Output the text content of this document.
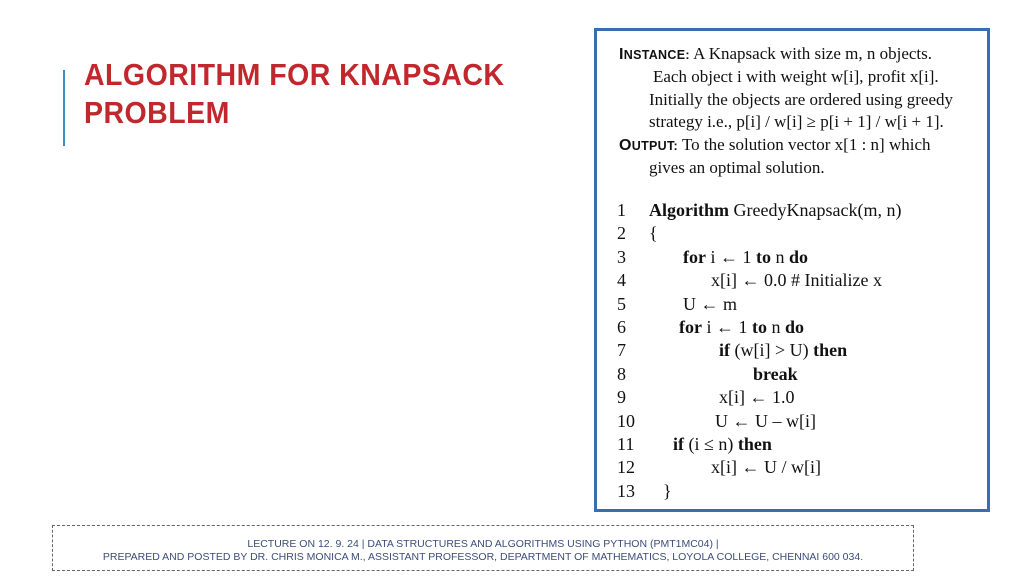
ALGORITHM FOR KNAPSACK
PROBLEM
INSTANCE: A Knapsack with size m, n objects.
Each object i with weight w[i], profit x[i].
Initially the objects are ordered using greedy
strategy i.e., p[i] / w[i] ≥ p[i + 1] / w[i + 1].
OUTPUT: To the solution vector x[1 : n] which
gives an optimal solution.
1	Algorithm GreedyKnapsack(m, n)
2	{
3	for i ← 1 to n do
4	x[i] ← 0.0 # Initialize x
5	U ← m
6	for i ← 1 to n do
7	if (w[i] > U) then
8	break
9	x[i] ← 1.0
10	U ← U – w[i]
11	if (i ≤ n) then
12	x[i] ← U / w[i]
13	}
LECTURE ON 12. 9. 24 | DATA STRUCTURES AND ALGORITHMS USING PYTHON (PMT1MC04) |
PREPARED AND POSTED BY DR. CHRIS MONICA M., ASSISTANT PROFESSOR, DEPARTMENT OF MATHEMATICS, LOYOLA COLLEGE, CHENNAI 600 034.
